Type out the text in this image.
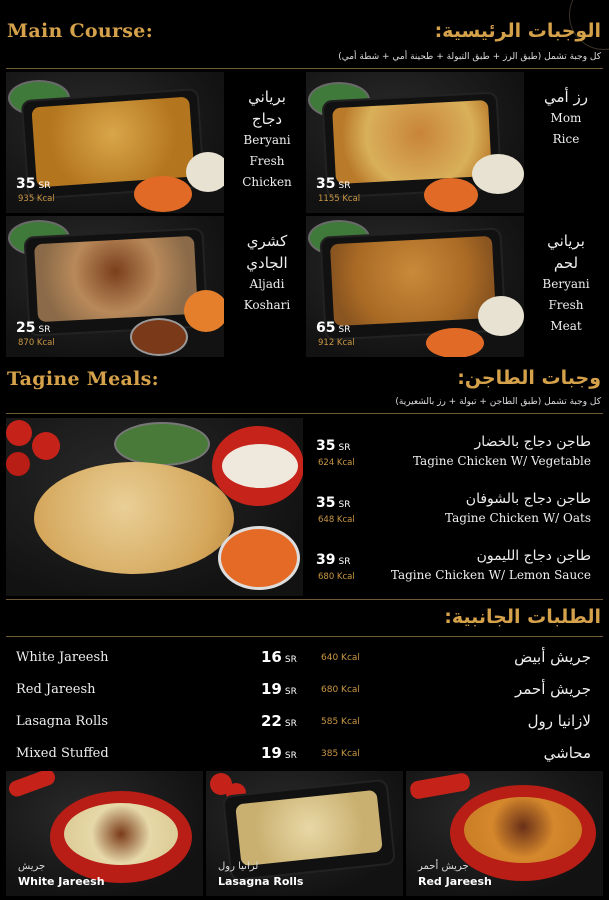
Main Course:	الوجبات الرئيسية:
كل وجبة تشمل (طبق الرز + طبق التبولة + طحينة أمي + شطة أمي)
35 SR
935 Kcal
برياني
دجاج
Beryani
Fresh
Chicken	35 SR
1155 Kcal
رز أمي
Mom
Rice
25 SR
870 Kcal
كشري
الجادي
Aljadi
Koshari
65 SR
912 Kcal
برياني
لحم
Beryani
Fresh
Meat
Tagine Meals:	وجبات الطاجن:
كل وجبة تشمل (طبق الطاجن + تبولة + رز بالشعيرية)
35 SR
624 Kcal
طاجن دجاج بالخضار
Tagine Chicken W/ Vegetable
35 SR
648 Kcal
طاجن دجاج بالشوفان
Tagine Chicken W/ Oats
39 SR
680 Kcal
طاجن دجاج الليمون
Tagine Chicken W/ Lemon Sauce
الطلبات الجانبية:
White Jareesh	16 SR	640 Kcal	جريش أبيض
Red Jareesh	19 SR	680 Kcal	جريش أحمر
Lasagna Rolls	22 SR	585 Kcal	لازانيا رول
Mixed Stuffed	19 SR	385 Kcal	محاشي
جريش
White Jareesh
لزانيا رول
Lasagna Rolls
جريش أحمر
Red Jareesh
